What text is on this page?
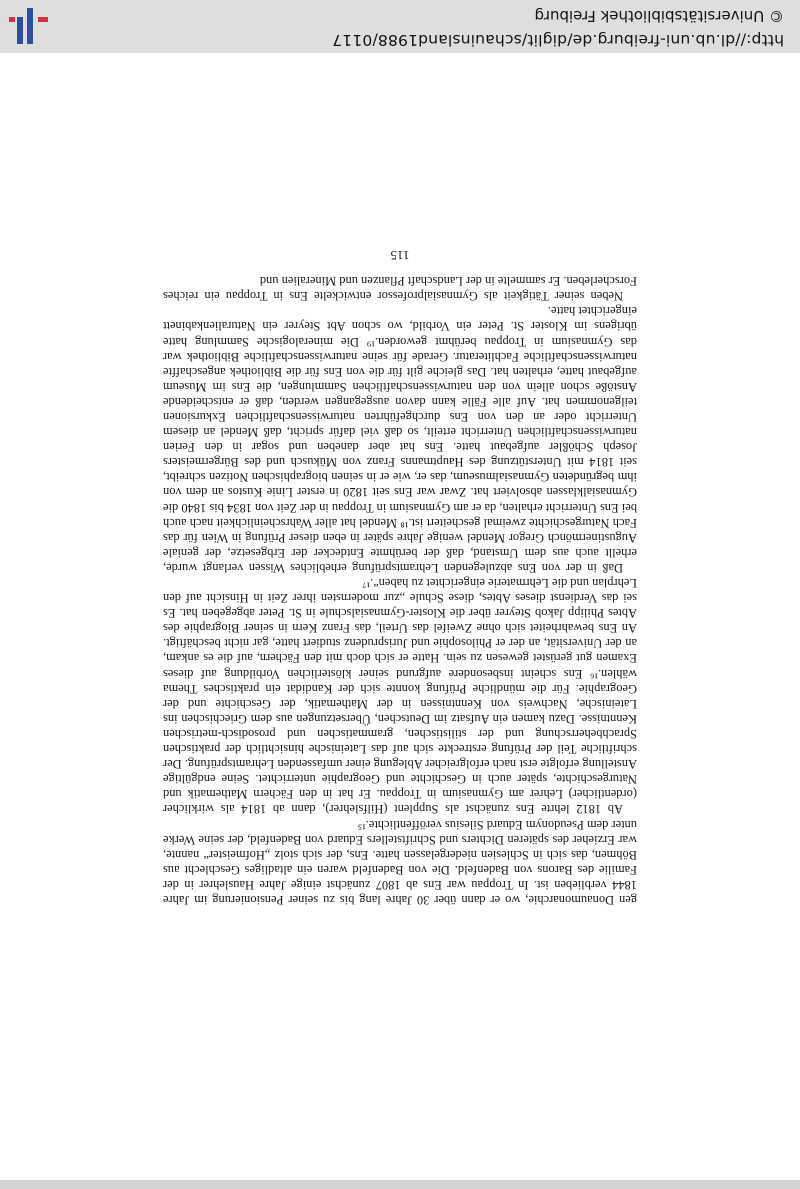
gen Donaumonarchie, wo er dann über 30 Jahre lang bis zu seiner Pensionierung im Jahre 1844 verblieben ist. In Troppau war Ens ab 1807 zunächst einige Jahre Hauslehrer in der Familie des Barons von Badenfeld. Die von Badenfeld waren ein altadliges Geschlecht aus Böhmen, das sich in Schlesien niedergelassen hatte. Ens, der sich stolz „Hofmeister“ nannte, war Erzieher des späteren Dichters und Schriftstellers Eduard von Badenfeld, der seine Werke unter dem Pseudonym Eduard Silesius veröffentlichte.¹⁵

Ab 1812 lehrte Ens zunächst als Supplent (Hilfslehrer), dann ab 1814 als wirklicher (ordentlicher) Lehrer am Gymnasium in Troppau. Er hat in den Fächern Mathematik und Naturgeschichte, später auch in Geschichte und Geographie unterrichtet. Seine endgültige Anstellung erfolgte erst nach erfolgreicher Ablegung einer umfassenden Lehramtsprüfung. Der schriftliche Teil der Prüfung erstreckte sich auf das Lateinische hinsichtlich der praktischen Sprachbeherrschung und der stilistischen, grammatischen und prosodisch-metrischen Kenntnisse. Dazu kamen ein Aufsatz im Deutschen, Übersetzungen aus dem Griechischen ins Lateinische, Nachweis von Kenntnissen in der Mathematik, der Geschichte und der Geographie. Für die mündliche Prüfung konnte sich der Kandidat ein praktisches Thema wählen.¹⁶ Ens scheint insbesondere aufgrund seiner klösterlichen Vorbildung auf dieses Examen gut gerüstet gewesen zu sein. Hatte er sich doch mit den Fächern, auf die es ankam, an der Universität, an der er Philosophie und Jurisprudenz studiert hatte, gar nicht beschäftigt. An Ens bewahrheitet sich ohne Zweifel das Urteil, das Franz Kern in seiner Biographie des Abtes Philipp Jakob Steyrer über die Kloster-Gymnasialschule in St. Peter abgegeben hat. Es sei das Verdienst dieses Abtes, diese Schule „zur modernsten ihrer Zeit in Hinsicht auf den Lehrplan und die Lehrmaterie eingerichtet zu haben“.¹⁷

Daß in der von Ens abzulegenden Lehramtsprüfung erhebliches Wissen verlangt wurde, erhellt auch aus dem Umstand, daß der berühmte Entdecker der Erbgesetze, der geniale Augustinermönch Gregor Mendel wenige Jahre später in eben dieser Prüfung in Wien für das Fach Naturgeschichte zweimal gescheitert ist.¹⁸ Mendel hat aller Wahrscheinlichkeit nach auch bei Ens Unterricht erhalten, da er am Gymnasium in Troppau in der Zeit von 1834 bis 1840 die Gymnasialklassen absolviert hat. Zwar war Ens seit 1820 in erster Linie Kustos an dem von ihm begründeten Gymnasialmuseum, das er, wie er in seinen biographischen Notizen schreibt, seit 1814 mit Unterstützung des Hauptmanns Franz von Mükusch und des Bürgermeisters Joseph Schößler aufgebaut hatte. Ens hat aber daneben und sogar in den Ferien naturwissenschaftlichen Unterricht erteilt, so daß viel dafür spricht, daß Mendel an diesem Unterricht oder an den von Ens durchgeführten naturwissenschaftlichen Exkursionen teilgenommen hat. Auf alle Fälle kann davon ausgegangen werden, daß er entscheidende Anstöße schon allein von den naturwissenschaftlichen Sammlungen, die Ens im Museum aufgebaut hatte, erhalten hat. Das gleiche gilt für die von Ens für die Bibliothek angeschaffte naturwissenschaftliche Fachliteratur. Gerade für seine naturwissenschaftliche Bibliothek war das Gymnasium in Troppau berühmt geworden.¹⁹ Die mineralogische Sammlung hatte übrigens im Kloster St. Peter ein Vorbild, wo schon Abt Steyrer ein Naturalienkabinett eingerichtet hatte.

Neben seiner Tätigkeit als Gymnasialprofessor entwickelte Ens in Troppau ein reiches Forscherleben. Er sammelte in der Landschaft Pflanzen und Mineralien und

115
http://dl.ub.uni-freiburg.de/diglit/schauinsland1988/0117
© Universitätsbibliothek Freiburg
